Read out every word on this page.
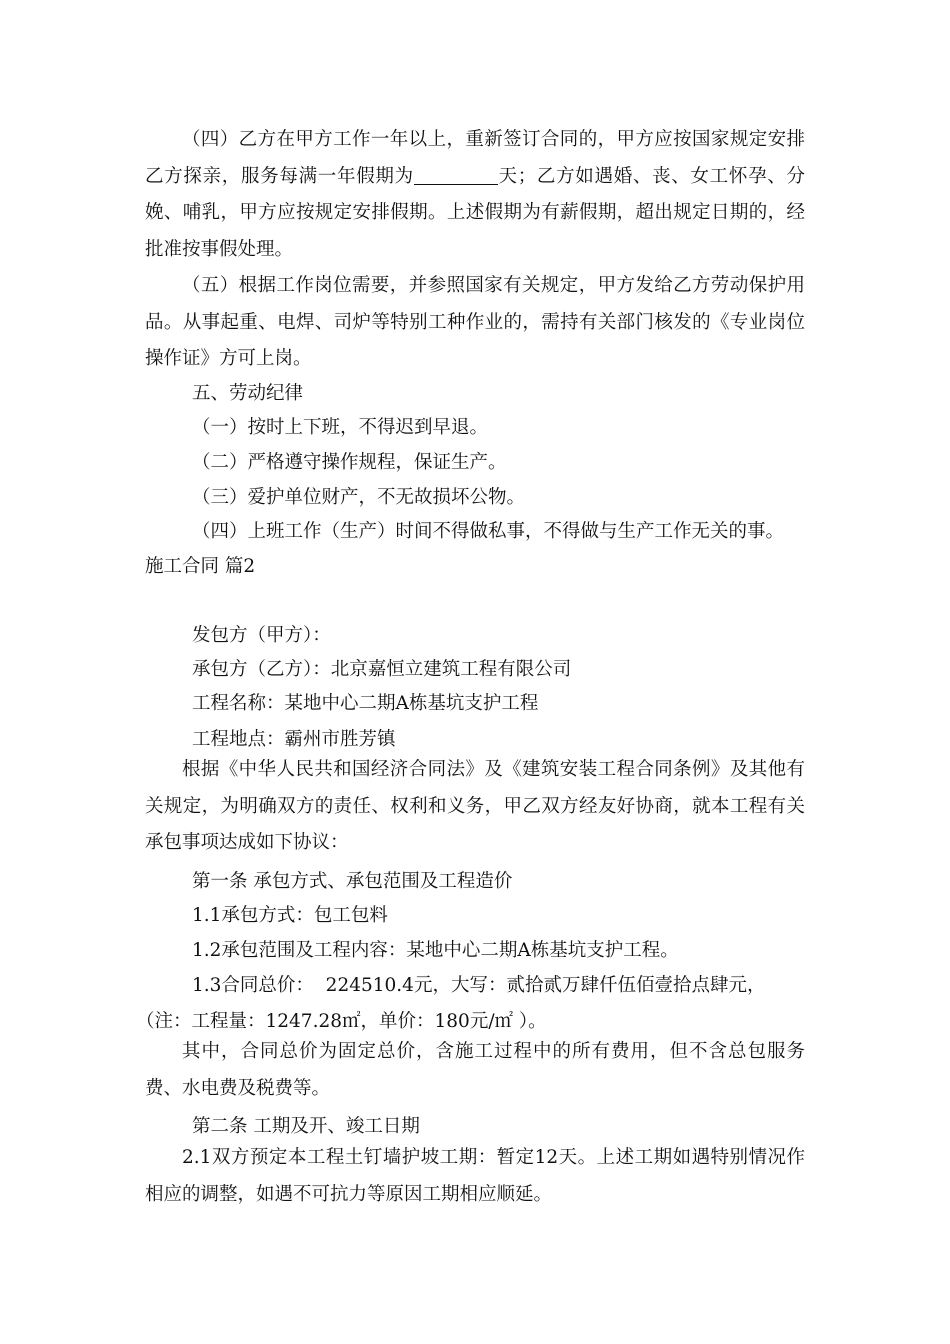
（四）乙方在甲方工作一年以上，重新签订合同的，甲方应按国家规定安排乙方探亲，服务每满一年假期为	天；乙方如遇婚、丧、女工怀孕、分娩、哺乳，甲方应按规定安排假期。上述假期为有薪假期，超出规定日期的，经批准按事假处理。

（五）根据工作岗位需要，并参照国家有关规定，甲方发给乙方劳动保护用品。从事起重、电焊、司炉等特别工种作业的，需持有关部门核发的《专业岗位操作证》方可上岗。

五、劳动纪律

（一）按时上下班，不得迟到早退。

（二）严格遵守操作规程，保证生产。

（三）爱护单位财产，不无故损坏公物。

（四）上班工作（生产）时间不得做私事，不得做与生产工作无关的事。

施工合同 篇2

发包方（甲方）：

承包方（乙方）：北京嘉恒立建筑工程有限公司

工程名称：某地中心二期A栋基坑支护工程

工程地点：霸州市胜芳镇

根据《中华人民共和国经济合同法》及《建筑安装工程合同条例》及其他有关规定，为明确双方的责任、权利和义务，甲乙双方经友好协商，就本工程有关承包事项达成如下协议：

第一条 承包方式、承包范围及工程造价

1.1承包方式：包工包料

1.2承包范围及工程内容：某地中心二期A栋基坑支护工程。

1.3合同总价：  224510.4元，大写：贰拾贰万肆仟伍佰壹拾点肆元，

（注：工程量：1247.28㎡，单价：180元/㎡ ）。

其中，合同总价为固定总价，含施工过程中的所有费用，但不含总包服务费、水电费及税费等。

第二条 工期及开、竣工日期

2.1双方预定本工程土钉墙护坡工期：暂定12天。上述工期如遇特别情况作相应的调整，如遇不可抗力等原因工期相应顺延。
